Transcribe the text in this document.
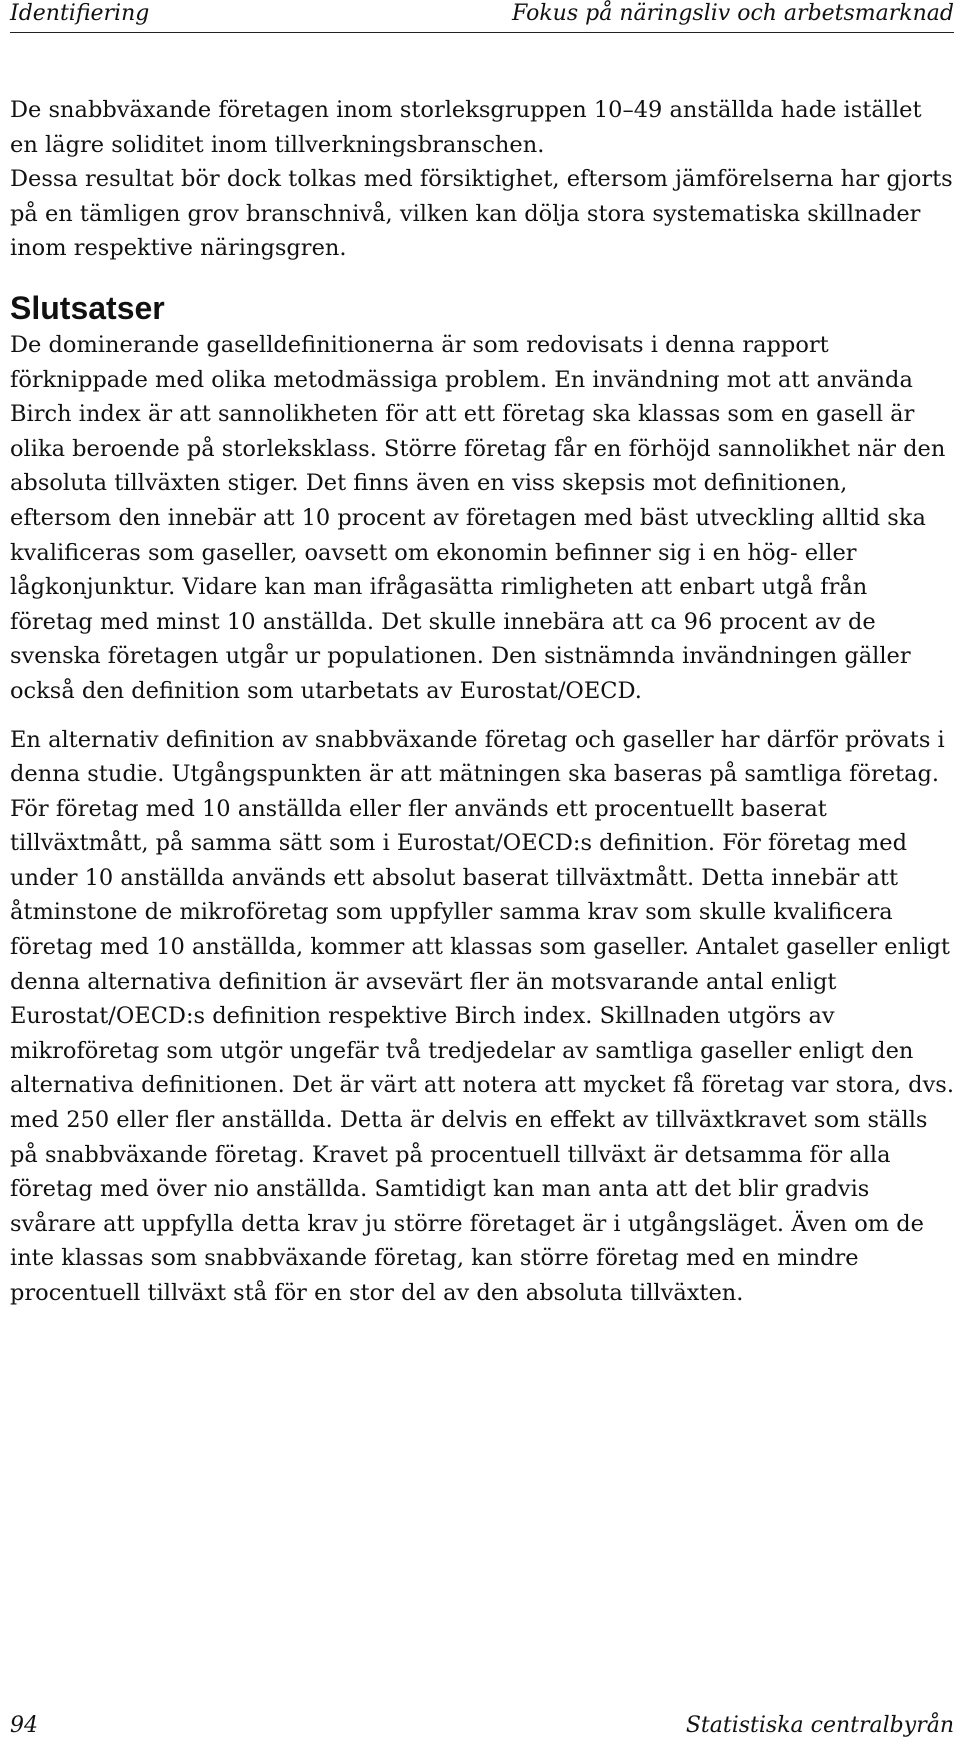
Identifiering	Fokus på näringsliv och arbetsmarknad

De snabbväxande företagen inom storleksgruppen 10–49 anställda hade istället en lägre soliditet inom tillverkningsbranschen.

Dessa resultat bör dock tolkas med försiktighet, eftersom jämförelserna har gjorts på en tämligen grov branschnivå, vilken kan dölja stora systematiska skillnader inom respektive näringsgren.

Slutsatser

De dominerande gaselldefinitionerna är som redovisats i denna rapport förknippade med olika metodmässiga problem. En invändning mot att använda Birch index är att sannolikheten för att ett företag ska klassas som en gasell är olika beroende på storleksklass. Större företag får en förhöjd sannolikhet när den absoluta tillväxten stiger. Det finns även en viss skepsis mot definitionen, eftersom den innebär att 10 procent av företagen med bäst utveckling alltid ska kvalificeras som gaseller, oavsett om ekonomin befinner sig i en hög- eller lågkonjunktur. Vidare kan man ifrågasätta rimligheten att enbart utgå från företag med minst 10 anställda. Det skulle innebära att ca 96 procent av de svenska företagen utgår ur populationen. Den sistnämnda invändningen gäller också den definition som utarbetats av Eurostat/OECD.

En alternativ definition av snabbväxande företag och gaseller har därför prövats i denna studie. Utgångspunkten är att mätningen ska baseras på samtliga företag. För företag med 10 anställda eller fler används ett procentuellt baserat tillväxtmått, på samma sätt som i Eurostat/OECD:s definition. För företag med under 10 anställda används ett absolut baserat tillväxtmått. Detta innebär att åtminstone de mikroföretag som uppfyller samma krav som skulle kvalificera företag med 10 anställda, kommer att klassas som gaseller. Antalet gaseller enligt denna alternativa definition är avsevärt fler än motsvarande antal enligt Eurostat/OECD:s definition respektive Birch index. Skillnaden utgörs av mikroföretag som utgör ungefär två tredjedelar av samtliga gaseller enligt den alternativa definitionen. Det är värt att notera att mycket få företag var stora, dvs. med 250 eller fler anställda. Detta är delvis en effekt av tillväxtkravet som ställs på snabbväxande företag. Kravet på procentuell tillväxt är detsamma för alla företag med över nio anställda. Samtidigt kan man anta att det blir gradvis svårare att uppfylla detta krav ju större företaget är i utgångsläget. Även om de inte klassas som snabbväxande företag, kan större företag med en mindre procentuell tillväxt stå för en stor del av den absoluta tillväxten.

94	Statistiska centralbyrån
